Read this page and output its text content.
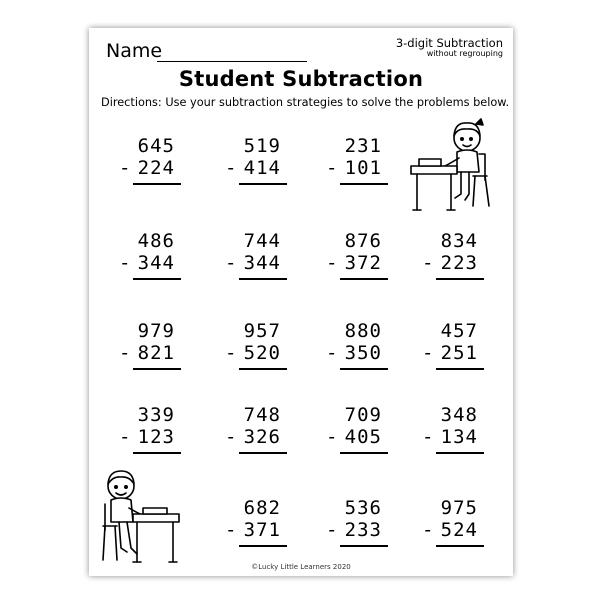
Name	3-digit Subtraction
without regrouping
Student Subtraction
Directions: Use your subtraction strategies to solve the problems below.
645
- 224
519
- 414
231
- 101
486
- 344
744
- 344
876
- 372
834
- 223
979
- 821
957
- 520
880
- 350
457
- 251
339
- 123
748
- 326
709
- 405
348
- 134
682
- 371
536
- 233
975
- 524
©Lucky Little Learners 2020
